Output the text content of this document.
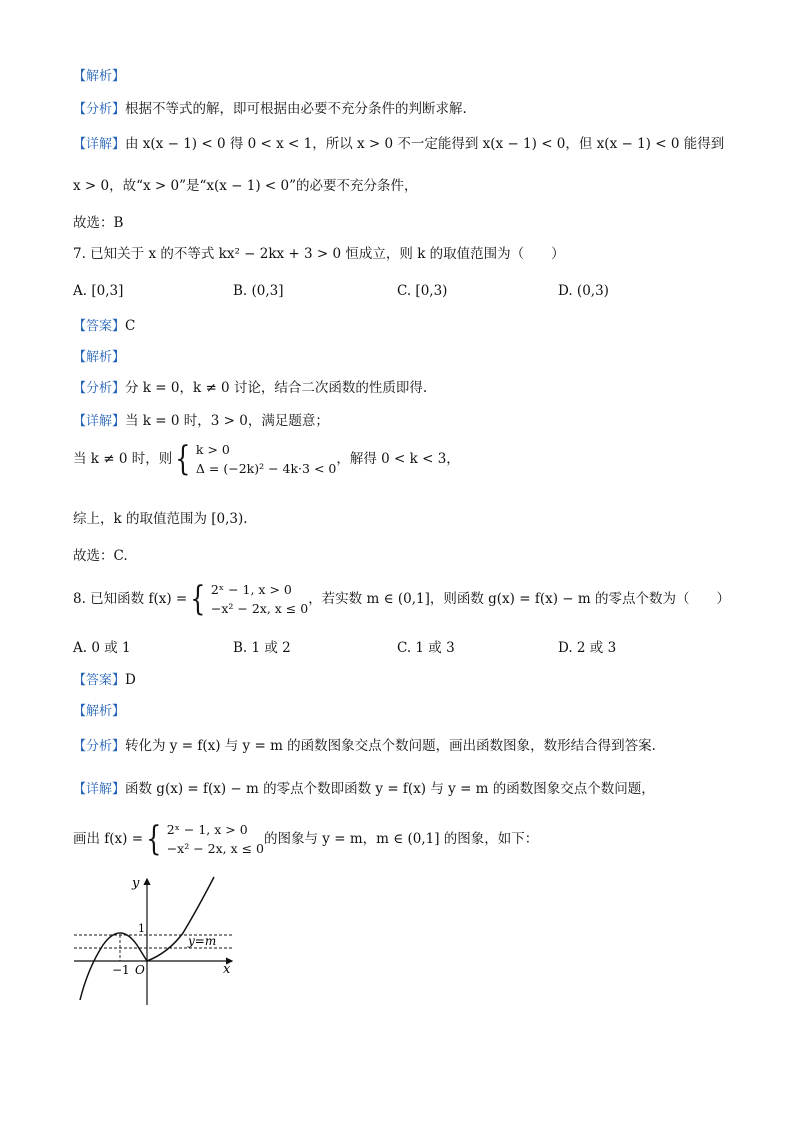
【解析】
【分析】根据不等式的解，即可根据由必要不充分条件的判断求解.
【详解】由 x(x − 1) < 0 得 0 < x < 1，所以 x > 0 不一定能得到 x(x − 1) < 0，但 x(x − 1) < 0 能得到
x > 0，故“x > 0”是“x(x − 1) < 0”的必要不充分条件，
故选：B
7. 已知关于 x 的不等式 kx² − 2kx + 3 > 0 恒成立，则 k 的取值范围为（　　）
A. [0,3]	B. (0,3]	C. [0,3)	D. (0,3)
【答案】C
【解析】
【分析】分 k = 0，k ≠ 0 讨论，结合二次函数的性质即得.
【详解】当 k = 0 时，3 > 0，满足题意；
当 k ≠ 0 时，则 { k > 0
Δ = (−2k)² − 4k·3 < 0
，解得 0 < k < 3，
综上，k 的取值范围为 [0,3).
故选：C.
8. 已知函数 f(x) = { 2ˣ − 1, x > 0
−x² − 2x, x ≤ 0
，若实数 m ∈ (0,1]，则函数 g(x) = f(x) − m 的零点个数为（　　）
A. 0 或 1	B. 1 或 2	C. 1 或 3	D. 2 或 3
【答案】D
【解析】
【分析】转化为 y = f(x) 与 y = m 的函数图象交点个数问题，画出函数图象，数形结合得到答案.
【详解】函数 g(x) = f(x) − m 的零点个数即函数 y = f(x) 与 y = m 的函数图象交点个数问题，
画出 f(x) = { 2ˣ − 1, x > 0
−x² − 2x, x ≤ 0
的图象与 y = m，m ∈ (0,1] 的图象，如下：
y
x
1
−1 O
y=m
